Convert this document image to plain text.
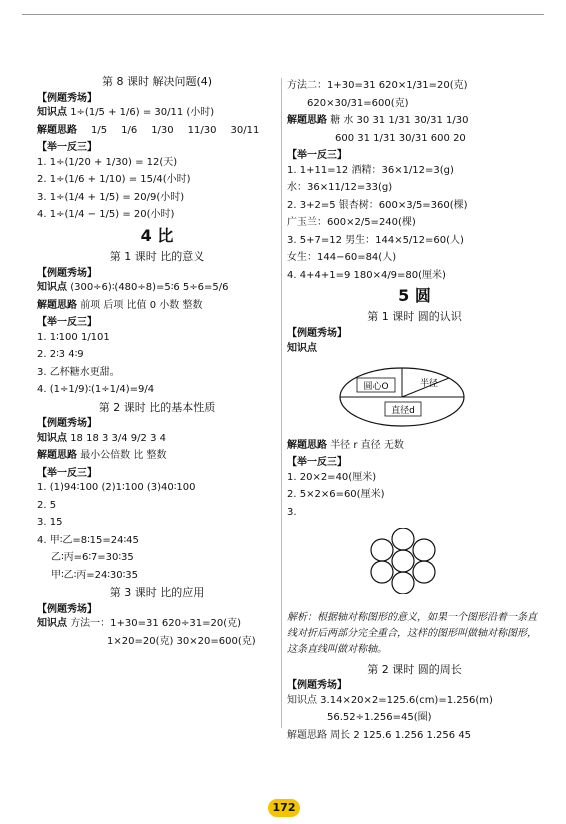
第 8 课时 解决问题(4)
【例题秀场】
知识点 1÷(1/5 + 1/6) = 30/11 (小时)
解题思路 1/5 1/6 1/30 11/30 30/11
【举一反三】
1. 1÷(1/20 + 1/30) = 12(天)
2. 1÷(1/6 + 1/10) = 15/4(小时)
3. 1÷(1/4 + 1/5) = 20/9(小时)
4. 1÷(1/4 − 1/5) = 20(小时)
4 比
第 1 课时 比的意义
【例题秀场】
知识点 (300÷6)∶(480÷8)=5∶6 5÷6=5/6
解题思路 前项 后项 比值 0 小数 整数
【举一反三】
1. 1∶100 1/101
2. 2∶3 4∶9
3. 乙杯糖水更甜。
4. (1÷1/9)∶(1÷1/4)=9/4
第 2 课时 比的基本性质
【例题秀场】
知识点 18 18 3 3/4 9/2 3 4
解题思路 最小公倍数 比 整数
【举一反三】
1. (1)94∶100 (2)1∶100 (3)40∶100
2. 5
3. 15
4. 甲∶乙=8∶15=24∶45
乙∶丙=6∶7=30∶35
甲∶乙∶丙=24∶30∶35
第 3 课时 比的应用
【例题秀场】
知识点 方法一：1+30=31 620÷31=20(克)
1×20=20(克) 30×20=600(克)
方法二：1+30=31 620×1/31=20(克)
620×30/31=600(克)
解题思路 糖 水 30 31 1/31 30/31 1/30
600 31 1/31 30/31 600 20
【举一反三】
1. 1+11=12 酒精：36×1/12=3(g)
水：36×11/12=33(g)
2. 3+2=5 银杏树：600×3/5=360(棵)
广玉兰：600×2/5=240(棵)
3. 5+7=12 男生：144×5/12=60(人)
女生：144−60=84(人)
4. 4+4+1=9 180×4/9=80(厘米)
5 圆
第 1 课时 圆的认识
【例题秀场】
知识点
圆心O	半径
直径d
解题思路 半径 r 直径 无数
【举一反三】
1. 20×2=40(厘米)
2. 5×2×6=60(厘米)
3.
解析：根据轴对称图形的意义，如果一个图形沿着一条直线对折后两部分完全重合，这样的图形叫做轴对称图形，这条直线叫做对称轴。
第 2 课时 圆的周长
【例题秀场】
知识点 3.14×20×2=125.6(cm)=1.256(m)
56.52÷1.256=45(圈)
解题思路 周长 2 125.6 1.256 1.256 45
172
